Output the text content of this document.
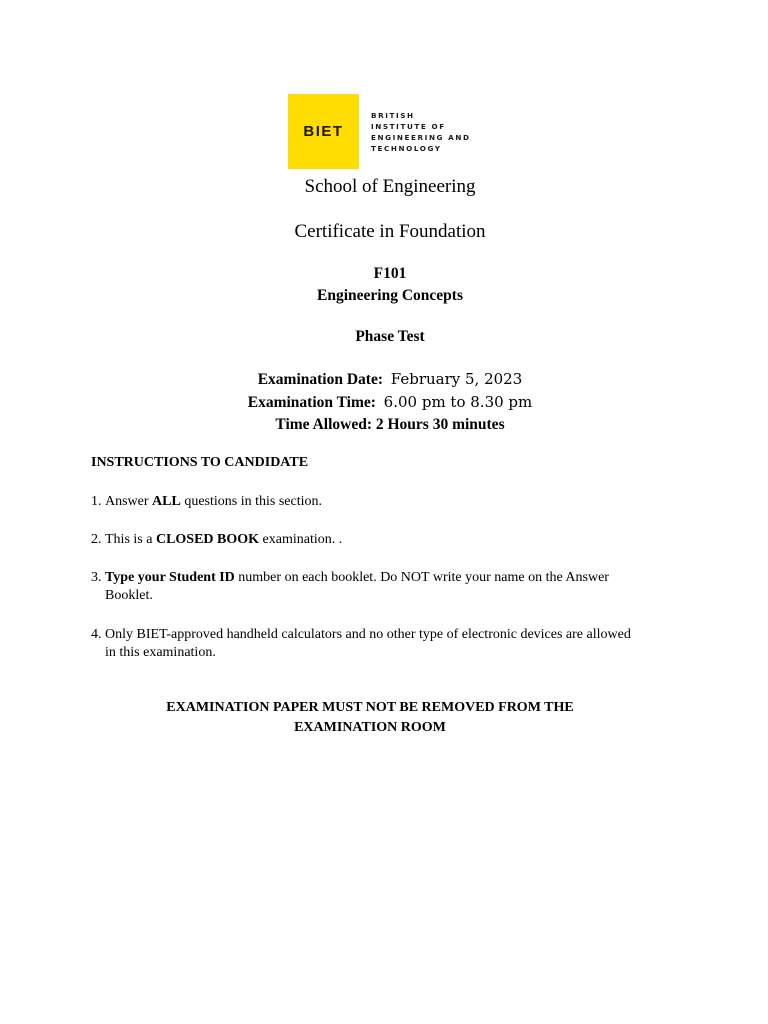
BIET
BRITISH
INSTITUTE OF
ENGINEERING AND
TECHNOLOGY
School of Engineering
Certificate in Foundation
F101
Engineering Concepts
Phase Test
Examination Date: February 5, 2023
Examination Time: 6.00 pm to 8.30 pm
Time Allowed: 2 Hours 30 minutes
INSTRUCTIONS TO CANDIDATE
1. Answer ALL questions in this section.
2. This is a CLOSED BOOK examination. .
3. Type your Student ID number on each booklet. Do NOT write your name on the Answer
Booklet.
4. Only BIET-approved handheld calculators and no other type of electronic devices are allowed
in this examination.
EXAMINATION PAPER MUST NOT BE REMOVED FROM THE
EXAMINATION ROOM
